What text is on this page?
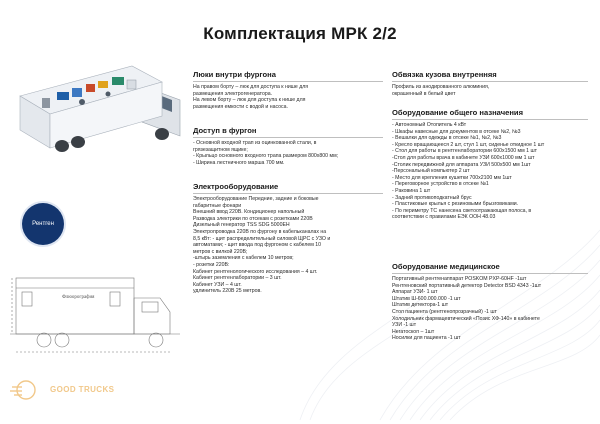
Комплектация МРК 2/2
Рентген
Флюорография
GOOD TRUCKS
Люки внутри фургона
На правом борту – люк для доступа к нише для
размещения электрогенератора.
На левом борту – люк для доступа к нише для
размещения емкости с водой и насоса.
Доступ в фургон
- Основной входной трап из оцинкованной стали, в
грязезащитном ящике;
- Крыльцо основного входного трапа размером 800х800 мм;
- Ширина лестничного марша 700 мм.
Электрооборудование
Электрооборудование Передние, задние и боковые
габаритные фонари
Внешний ввод 220В. Кондиционер напольный
Разводка электрики по отсекам с розетками 220В
Дизельный генератор TSS SDG 5000EH
Электропроводка 220В по фургону в кабельканалах на
8,5 кВт: - щит распределительный силовой ЩРС с УЗО и
автоматами; - щит ввода под фургоном с кабелем 10
метров с вилкой 220В;
-штырь заземления с кабелем 10 метров;
- розетки 220В:
Кабинет рентгенологического исследования – 4 шт.
Кабинет рентгенлаборатории – 3 шт.
Кабинет УЗИ – 4 шт.
удлинитель 220В 25 метров.
Обвязка кузова внутренняя
Профиль из анодированного алюминия,
окрашенный в белый цвет
Оборудование общего назначения
- Автономный Отопитель 4 кВт
- Шкафы навесные для документов в отсеке №2, №3
- Вешалки для одежды в отсеке №1, №2, №3
- Кресло вращающееся 2 шт, стул 1 шт, сиденье откидное 1 шт
- Стол для работы в рентгенлаборатории 600х1500 мм 1 шт
-Стол для работы врача в кабинете УЗИ 600х1000 мм 1 шт
-Столик передвижной для аппарата УЗИ 500х500 мм 1шт
-Персональный компьютер 2 шт
- Место для крепления кушетки 700х2100 мм 1шт
- Переговорное устройство в отсеке №1
- Раковина 1 шт
- Задний противоподкатный брус
- Пластиковые крылья с резиновыми брызговиками.
- По периметру ТС нанесена светоотражающая полоса, в
соответствии с правилами ЕЭК ООН 48.03
Оборудование медицинское
Портативный рентгенаппарат POSKOM PXP-60HF -1шт
Рентгеновский портативный детектор Detector BSD 4343 -1шт
Аппарат УЗИ- 1 шт
Штатив Ш-600.000.000 -1 шт
Штатив детектора-1 шт
Стол пациента (рентгенопрозрачный) -1 шт
Холодильник фармацевтический «Позис ХФ-140» в кабинете
УЗИ -1 шт
Негатоскоп – 1шт
Носилки для пациента -1 шт
